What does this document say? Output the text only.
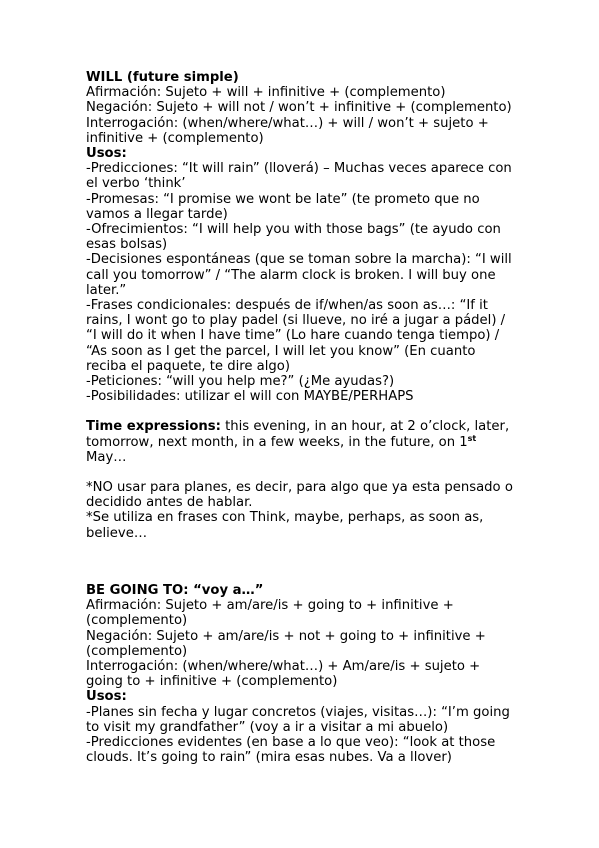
WILL (future simple)
Afirmación: Sujeto + will + infinitive + (complemento)
Negación: Sujeto + will not / won’t + infinitive + (complemento)
Interrogación: (when/where/what…) + will / won’t + sujeto +
infinitive + (complemento)
Usos:
-Predicciones: “It will rain” (lloverá) – Muchas veces aparece con
el verbo ‘think’
-Promesas: “I promise we wont be late” (te prometo que no
vamos a llegar tarde)
-Ofrecimientos: “I will help you with those bags” (te ayudo con
esas bolsas)
-Decisiones espontáneas (que se toman sobre la marcha): “I will
call you tomorrow” / “The alarm clock is broken. I will buy one
later.”
-Frases condicionales: después de if/when/as soon as…: “If it
rains, I wont go to play padel (si llueve, no iré a jugar a pádel) /
“I will do it when I have time” (Lo hare cuando tenga tiempo) /
“As soon as I get the parcel, I will let you know” (En cuanto
reciba el paquete, te dire algo)
-Peticiones: “will you help me?” (¿Me ayudas?)
-Posibilidades: utilizar el will con MAYBE/PERHAPS
Time expressions: this evening, in an hour, at 2 o’clock, later,
tomorrow, next month, in a few weeks, in the future, on 1st
May…
*NO usar para planes, es decir, para algo que ya esta pensado o
decidido antes de hablar.
*Se utiliza en frases con Think, maybe, perhaps, as soon as,
believe…
BE GOING TO: “voy a…”
Afirmación: Sujeto + am/are/is + going to + infinitive +
(complemento)
Negación: Sujeto + am/are/is + not + going to + infinitive +
(complemento)
Interrogación: (when/where/what…) + Am/are/is + sujeto +
going to + infinitive + (complemento)
Usos:
-Planes sin fecha y lugar concretos (viajes, visitas…): “I’m going
to visit my grandfather” (voy a ir a visitar a mi abuelo)
-Predicciones evidentes (en base a lo que veo): “look at those
clouds. It’s going to rain” (mira esas nubes. Va a llover)
